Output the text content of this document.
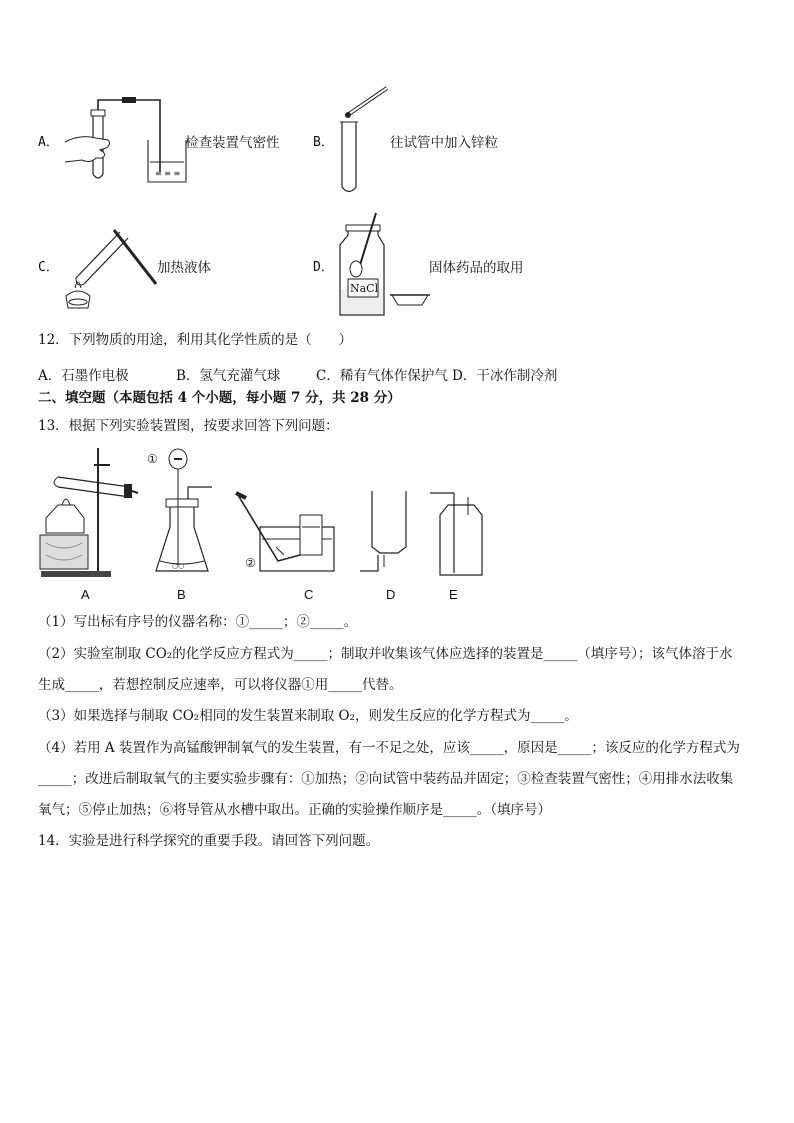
A．
≡ ≡ ≡
检查装置气密性	B．	往试管中加入锌粒
C．	加热液体	D．
NaCl
固体药品的取用
12．下列物质的用途，利用其化学性质的是（　　）
A．石墨作电极	B．氢气充灌气球	C．稀有气体作保护气 D．干冰作制冷剂
二、填空题（本题包括 4 个小题，每小题 7 分，共 28 分）
13．根据下列实验装置图，按要求回答下列问题：
○○
①
②
A	B	C	D	E
（1）写出标有序号的仪器名称：①_____；②_____。
（2）实验室制取 CO₂的化学反应方程式为_____；制取并收集该气体应选择的装置是_____（填序号）；该气体溶于水
生成_____，若想控制反应速率，可以将仪器①用_____代替。
（3）如果选择与制取 CO₂相同的发生装置来制取 O₂，则发生反应的化学方程式为_____。
（4）若用 A 装置作为高锰酸钾制氧气的发生装置，有一不足之处，应该_____，原因是_____；该反应的化学方程式为
_____；改进后制取氧气的主要实验步骤有：①加热；②向试管中装药品并固定；③检查装置气密性；④用排水法收集
氧气；⑤停止加热；⑥将导管从水槽中取出。正确的实验操作顺序是_____。（填序号）
14．实验是进行科学探究的重要手段。请回答下列问题。
